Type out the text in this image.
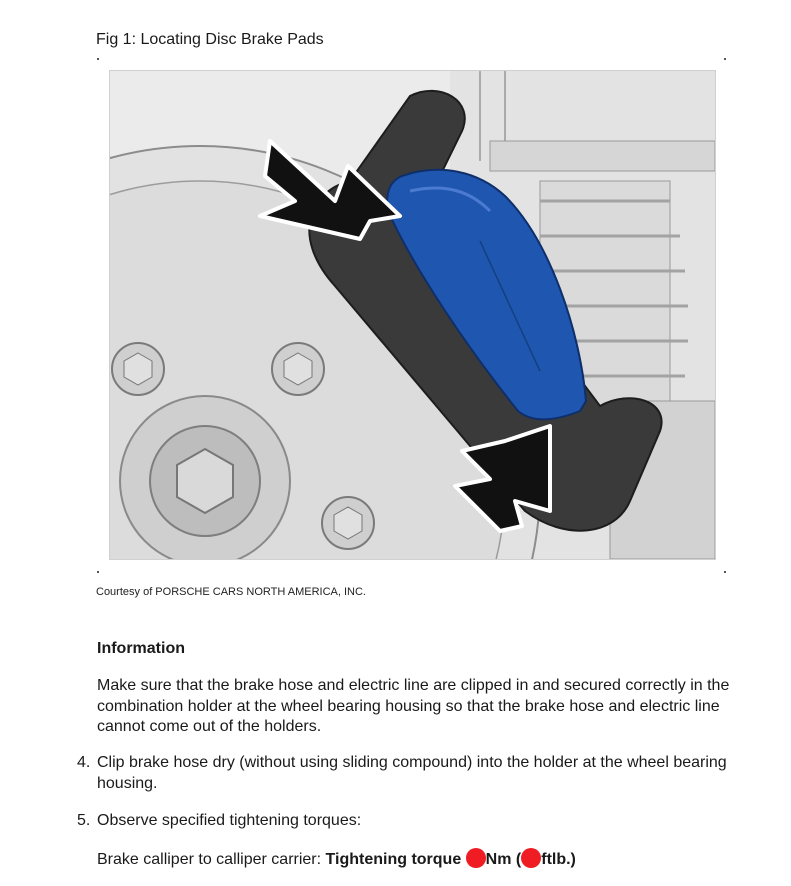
Fig 1: Locating Disc Brake Pads
Courtesy of PORSCHE CARS NORTH AMERICA, INC.
Information
Make sure that the brake hose and electric line are clipped in and secured correctly in the combination holder at the wheel bearing housing so that the brake hose and electric line cannot come out of the holders.
4. Clip brake hose dry (without using sliding compound) into the holder at the wheel bearing housing.
5. Observe specified tightening torques:
Brake calliper to calliper carrier: Tightening torque Nm ( ftlb.)
